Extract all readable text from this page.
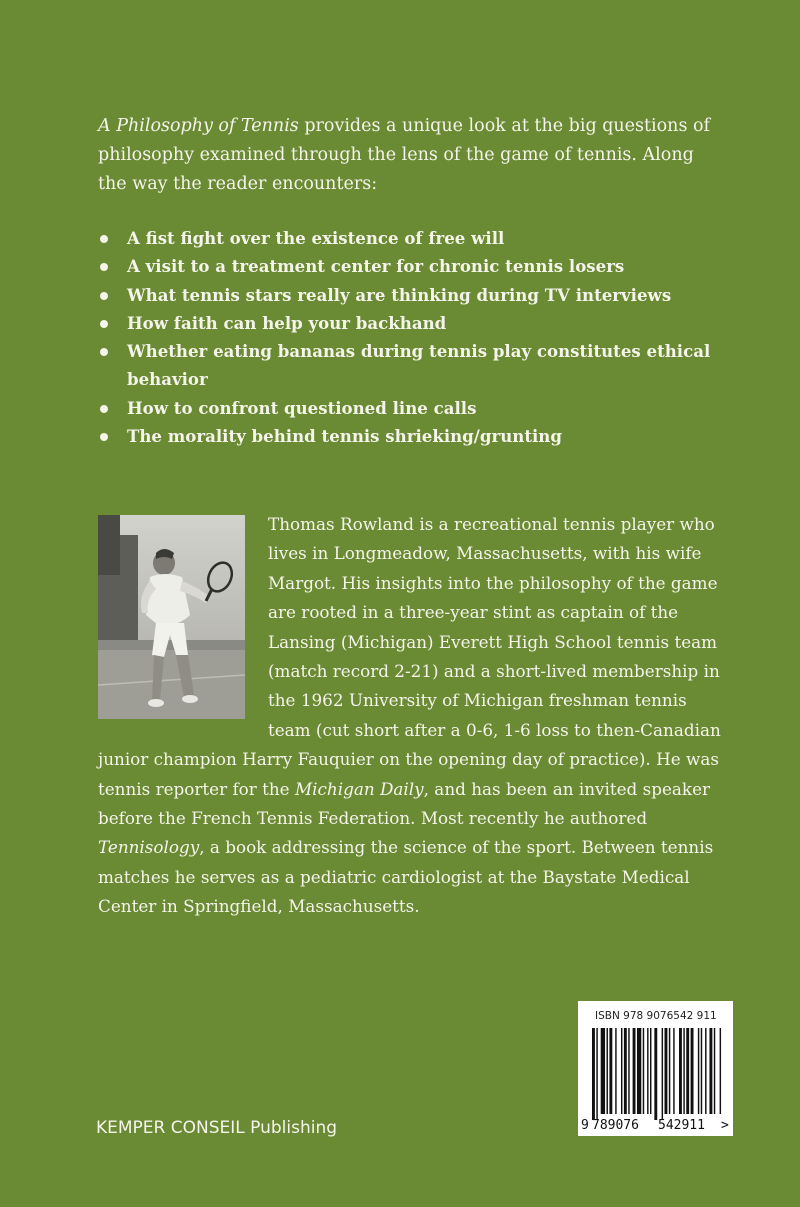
A Philosophy of Tennis provides a unique look at the big questions of philosophy examined through the lens of the game of tennis. Along the way the reader encounters:

A fist fight over the existence of free will
A visit to a treatment center for chronic tennis losers
What tennis stars really are thinking during TV interviews
How faith can help your backhand
Whether eating bananas during tennis play constitutes ethical behavior
How to confront questioned line calls
The morality behind tennis shrieking/grunting

Thomas Rowland is a recreational tennis player who lives in Longmeadow, Massachusetts, with his wife Margot. His insights into the philosophy of the game are rooted in a three-year stint as captain of the Lansing (Michigan) Everett High School tennis team (match record 2-21) and a short-lived membership in the 1962 University of Michigan freshman tennis team (cut short after a 0-6, 1-6 loss to then-Canadian junior champion Harry Fauquier on the opening day of practice). He was tennis reporter for the Michigan Daily, and has been an invited speaker before the French Tennis Federation. Most recently he authored Tennisology, a book addressing the science of the sport. Between tennis matches he serves as a pediatric cardiologist at the Baystate Medical Center in Springfield, Massachusetts.

9 789076 542911 >
ISBN 978 9076542 911
KEMPER CONSEIL Publishing
